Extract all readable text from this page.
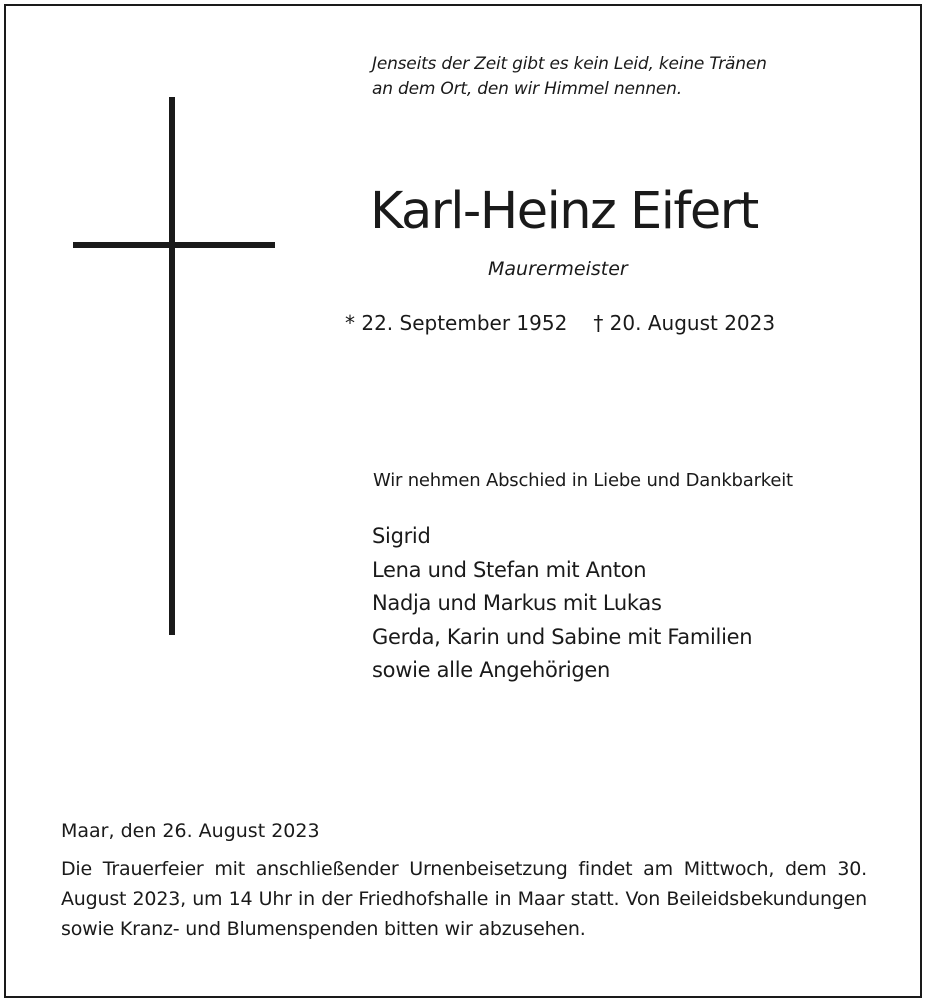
Jenseits der Zeit gibt es kein Leid, keine Tränen
an dem Ort, den wir Himmel nennen.
Karl-Heinz Eifert
Maurermeister
* 22. September 1952 † 20. August 2023
Wir nehmen Abschied in Liebe und Dankbarkeit
Sigrid
Lena und Stefan mit Anton
Nadja und Markus mit Lukas
Gerda, Karin und Sabine mit Familien
sowie alle Angehörigen
Maar, den 26. August 2023
Die Trauerfeier mit anschließender Urnenbeisetzung findet am Mittwoch, dem 30. August 2023, um 14 Uhr in der Friedhofshalle in Maar statt. Von Beileidsbekundungen sowie Kranz- und Blumenspenden bitten wir abzusehen.
